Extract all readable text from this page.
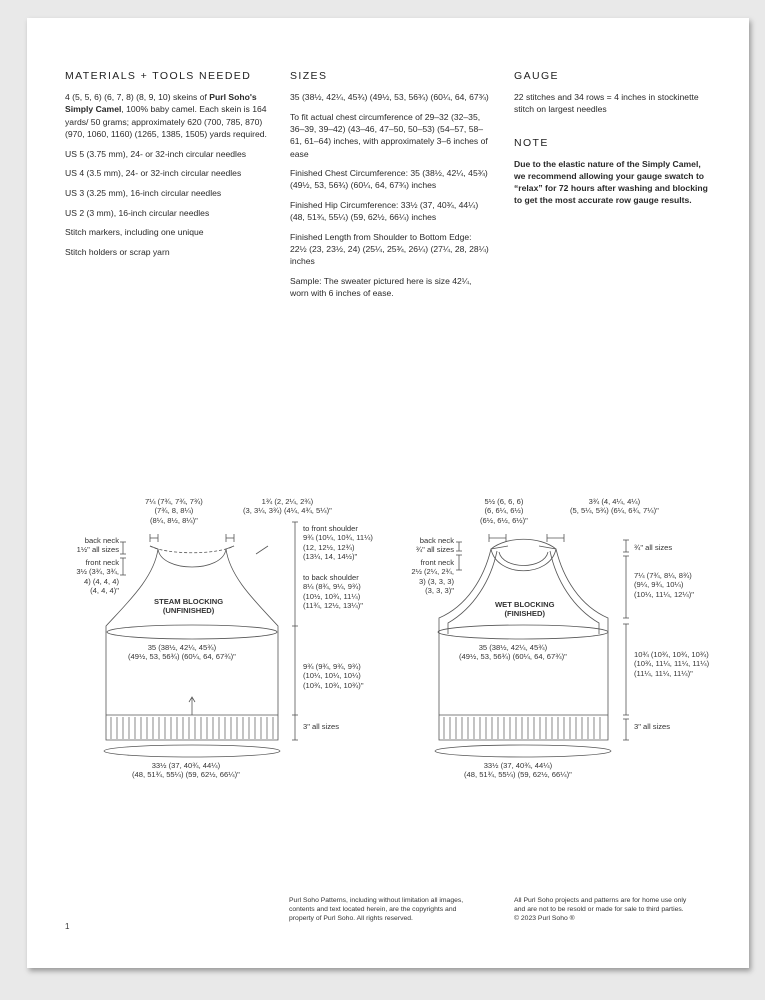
MATERIALS + TOOLS NEEDED

4 (5, 5, 6) (6, 7, 8) (8, 9, 10) skeins of Purl Soho's Simply Camel, 100% baby camel. Each skein is 164 yards/ 50 grams; approximately 620 (700, 785, 870) (970, 1060, 1160) (1265, 1385, 1505) yards required.

US 5 (3.75 mm), 24- or 32-inch circular needles

US 4 (3.5 mm), 24- or 32-inch circular needles

US 3 (3.25 mm), 16-inch circular needles

US 2 (3 mm), 16-inch circular needles

Stitch markers, including one unique

Stitch holders or scrap yarn

SIZES

35 (38½, 42¼, 45¾) (49½, 53, 56¾) (60¼, 64, 67¾)

To fit actual chest circumference of 29–32 (32–35, 36–39, 39–42) (43–46, 47–50, 50–53) (54–57, 58–61, 61–64) inches, with approximately 3–6 inches of ease

Finished Chest Circumference: 35 (38½, 42¼, 45¾) (49½, 53, 56¾) (60¼, 64, 67¾) inches

Finished Hip Circumference: 33½ (37, 40¾, 44¼) (48, 51¾, 55¼) (59, 62½, 66¼) inches

Finished Length from Shoulder to Bottom Edge: 22½ (23, 23½, 24) (25¼, 25¾, 26¼) (27¼, 28, 28¼) inches

Sample: The sweater pictured here is size 42¼, worn with 6 inches of ease.

GAUGE

22 stitches and 34 rows = 4 inches in stockinette stitch on largest needles

NOTE

Due to the elastic nature of the Simply Camel, we recommend allowing your gauge swatch to “relax” for 72 hours after washing and blocking to get the most accurate row gauge results.

7¼ (7¾, 7¾, 7¾)
(7¾, 8, 8¼)
(8¼, 8½, 8¼)"
1¾ (2, 2¼, 2¾)
(3, 3¼, 3¾) (4¼, 4¾, 5¼)"
back neck
1½" all sizes
front neck
3½ (3¾, 3¾,
4) (4, 4, 4)
(4, 4, 4)"
to front shoulder
9¾ (10¼, 10¾, 11¼)
(12, 12½, 12¾)
(13¼, 14, 14½)"
to back shoulder
8¼ (8¾, 9¼, 9¾)
(10½, 10¾, 11¼)
(11¾, 12½, 13¼)"
STEAM BLOCKING
(UNFINISHED)
35 (38½, 42¼, 45¾)
(49½, 53, 56¾) (60¼, 64, 67¾)"
9¾ (9¾, 9¾, 9¾)
(10¼, 10¼, 10¼)
(10¾, 10¾, 10¾)"
3" all sizes
33½ (37, 40¾, 44¼)
(48, 51¾, 55¼) (59, 62½, 66¼)"
5½ (6, 6, 6)
(6, 6¼, 6½)
(6½, 6½, 6½)"
3¾ (4, 4¼, 4¼)
(5, 5¼, 5¾) (6¼, 6¾, 7¼)"
back neck
¾" all sizes
front neck
2½ (2¼, 2¾,
3) (3, 3, 3)
(3, 3, 3)"
¾" all sizes
7¼ (7¾, 8¼, 8¾)
(9¼, 9¾, 10¼)
(10¼, 11¼, 12¼)"
WET BLOCKING
(FINISHED)
35 (38½, 42¼, 45¾)
(49½, 53, 56¾) (60¼, 64, 67¾)"	10¾ (10¾, 10¾, 10¾)
(10¾, 11¼, 11¼, 11¼)
(11¼, 11¼, 11¼)"
3" all sizes
33½ (37, 40¾, 44¼)
(48, 51¾, 55¼) (59, 62½, 66¼)"
Purl Soho Patterns, including without limitation all images,
contents and text located herein, are the copyrights and
property of Purl Soho. All rights reserved.
All Purl Soho projects and patterns are for home use only
and are not to be resold or made for sale to third parties.
© 2023 Purl Soho ®
1
